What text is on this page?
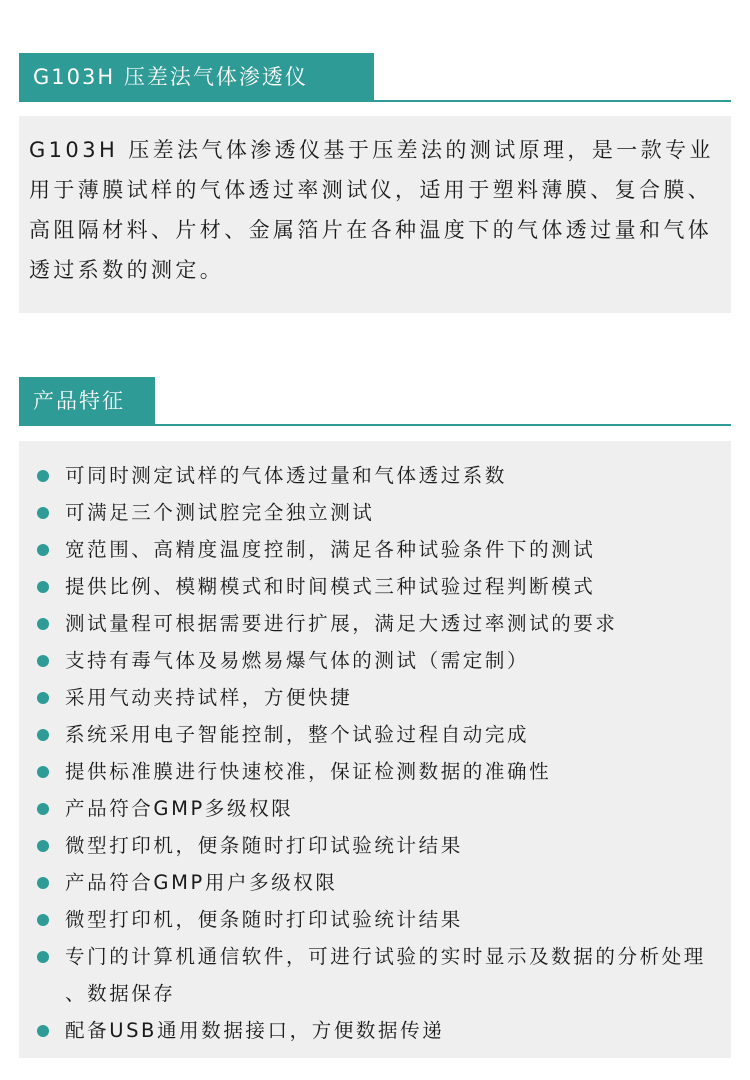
G103H 压差法气体渗透仪

G103H 压差法气体渗透仪基于压差法的测试原理，是一款专业用于薄膜试样的气体透过率测试仪，适用于塑料薄膜、复合膜、高阻隔材料、片材、金属箔片在各种温度下的气体透过量和气体透过系数的测定。

产品特征
可同时测定试样的气体透过量和气体透过系数
可满足三个测试腔完全独立测试
宽范围、高精度温度控制，满足各种试验条件下的测试
提供比例、模糊模式和时间模式三种试验过程判断模式
测试量程可根据需要进行扩展，满足大透过率测试的要求
支持有毒气体及易燃易爆气体的测试（需定制）
采用气动夹持试样，方便快捷
系统采用电子智能控制，整个试验过程自动完成
提供标准膜进行快速校准，保证检测数据的准确性
产品符合GMP多级权限
微型打印机，便条随时打印试验统计结果
产品符合GMP用户多级权限
微型打印机，便条随时打印试验统计结果
专门的计算机通信软件，可进行试验的实时显示及数据的分析处理 、数据保存
配备USB通用数据接口，方便数据传递
